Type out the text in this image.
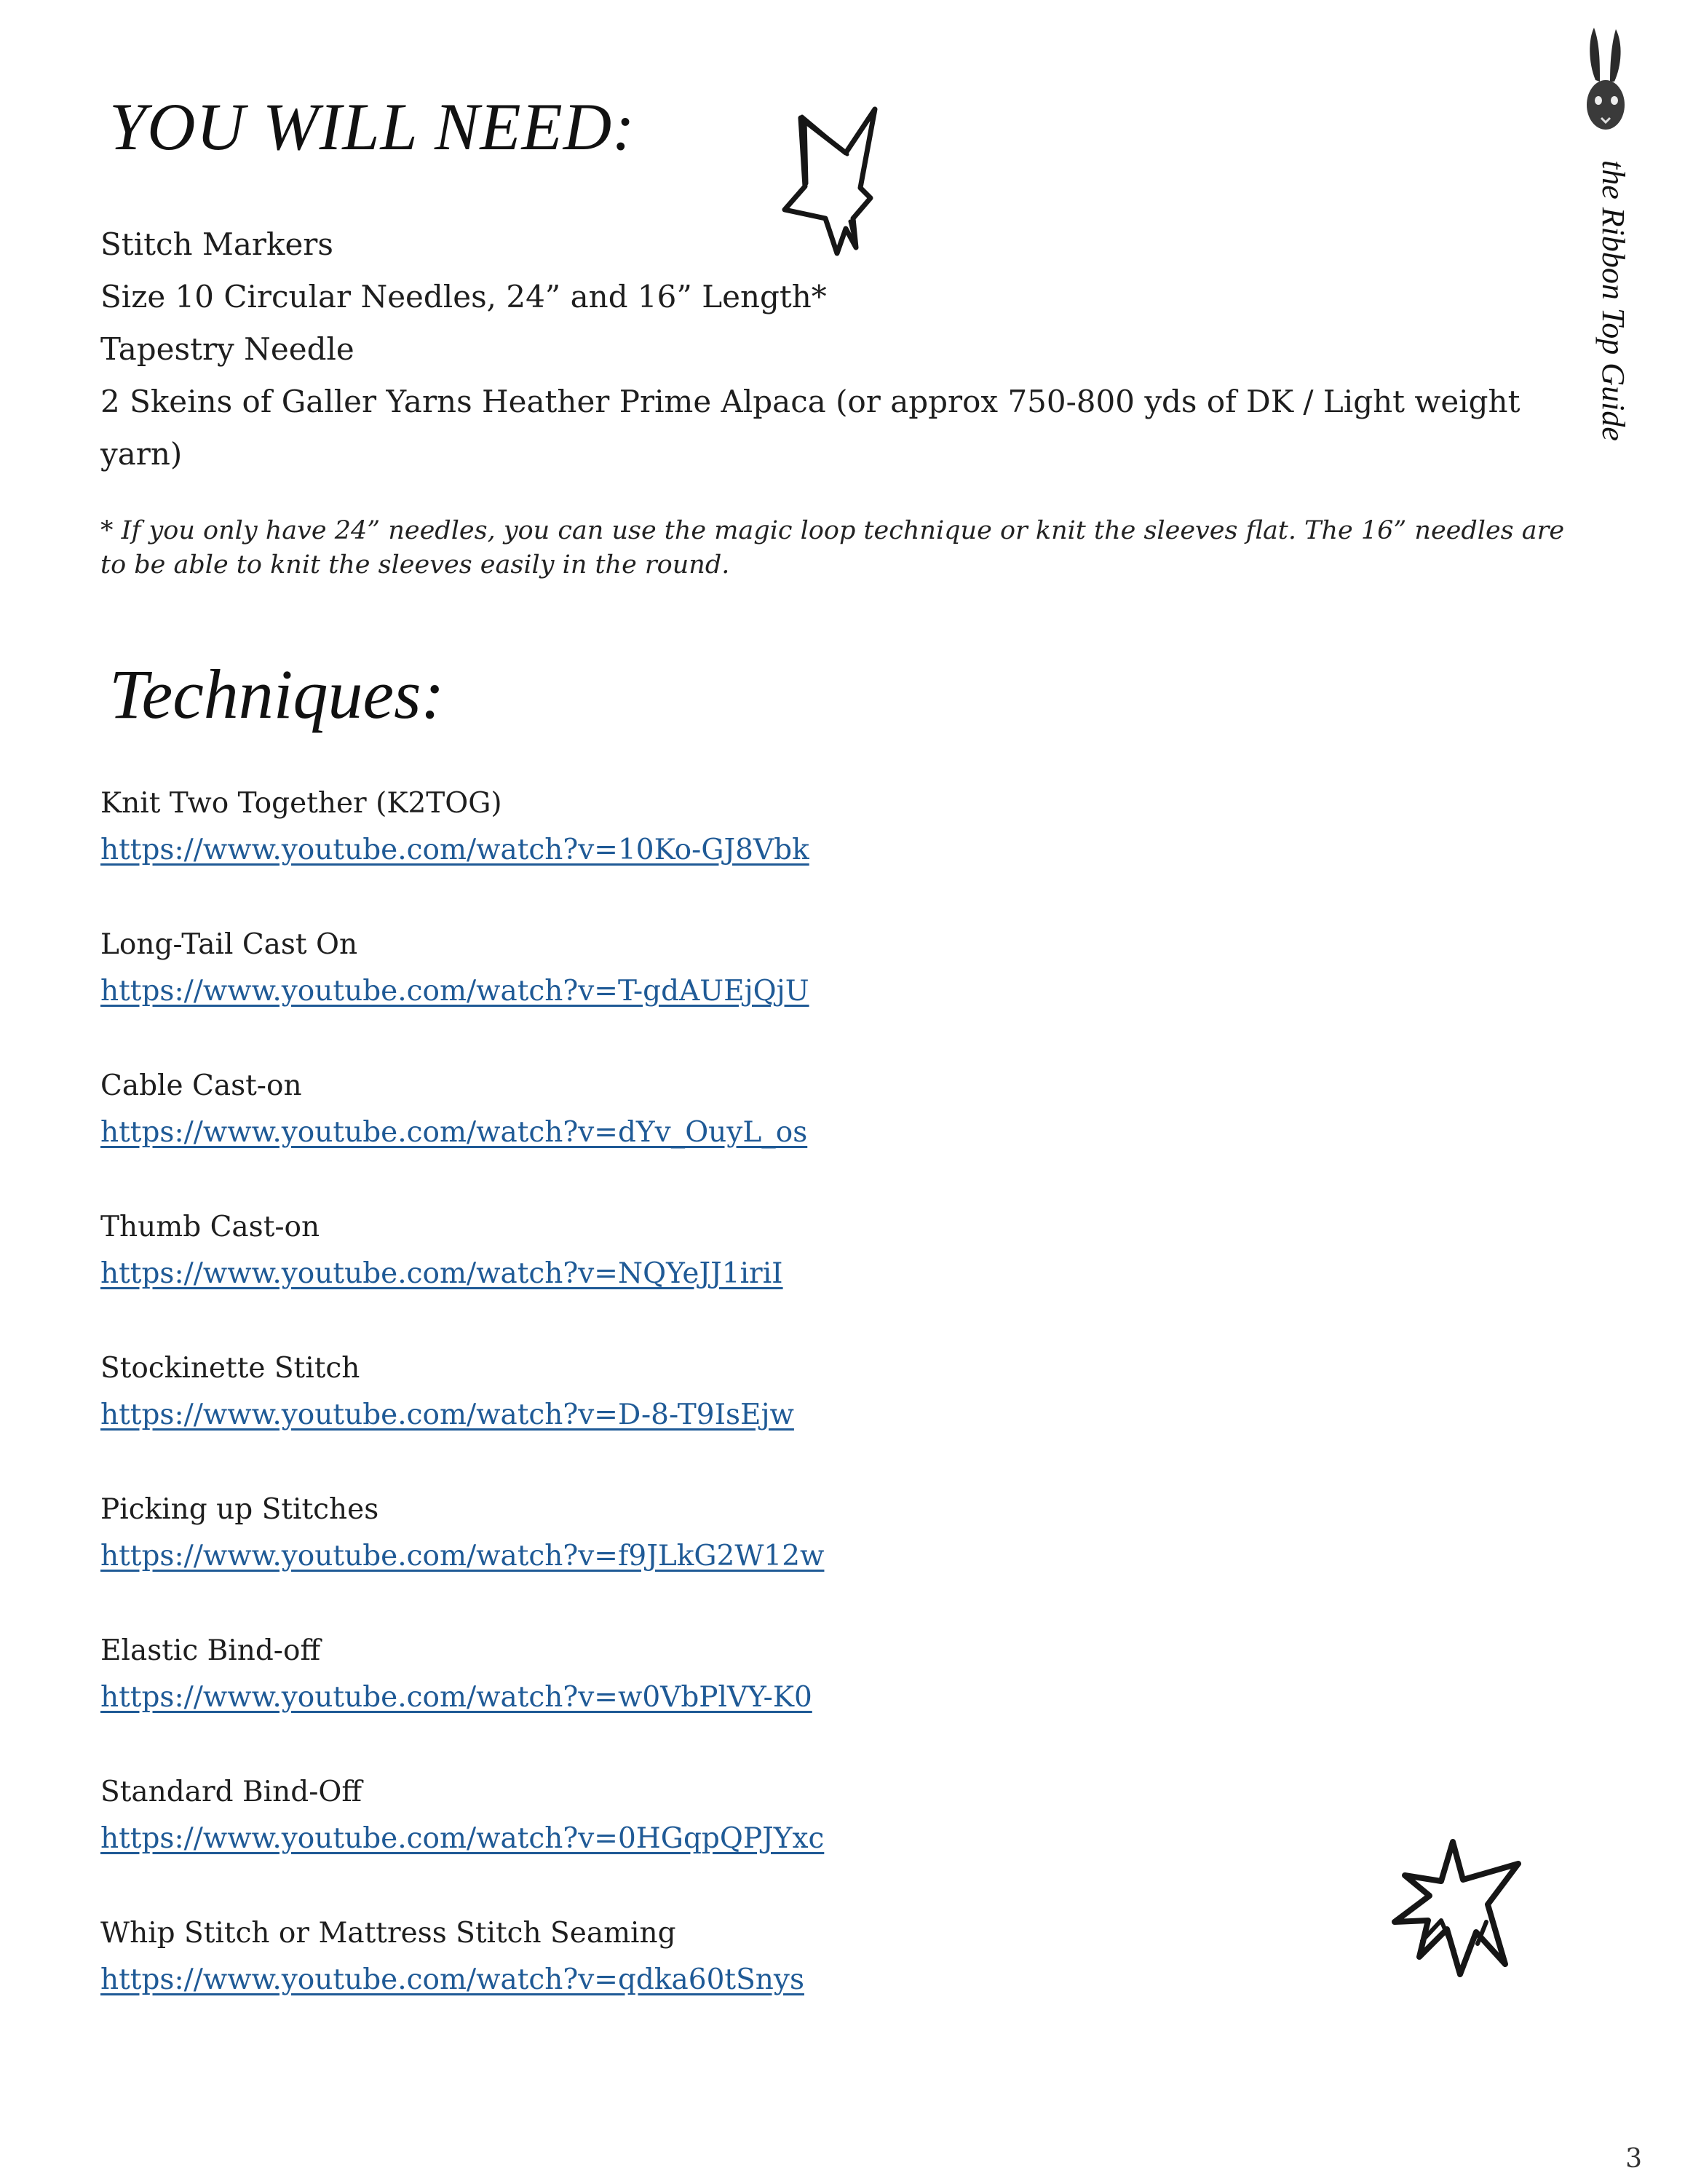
YOU WILL NEED:
Stitch Markers
Size 10 Circular Needles, 24” and 16” Length*
Tapestry Needle
2 Skeins of Galler Yarns Heather Prime Alpaca (or approx 750-800 yds of DK / Light weight
yarn)
* If you only have 24” needles, you can use the magic loop technique or knit the sleeves flat. The 16” needles are to be able to knit the sleeves easily in the round.
Techniques:
Knit Two Together (K2TOG)
https://www.youtube.com/watch?v=10Ko-GJ8Vbk
Long-Tail Cast On
https://www.youtube.com/watch?v=T-gdAUEjQjU
Cable Cast-on
https://www.youtube.com/watch?v=dYv_OuyL_os
Thumb Cast-on
https://www.youtube.com/watch?v=NQYeJJ1iriI
Stockinette Stitch
https://www.youtube.com/watch?v=D-8-T9IsEjw
Picking up Stitches
https://www.youtube.com/watch?v=f9JLkG2W12w
Elastic Bind-off
https://www.youtube.com/watch?v=w0VbPlVY-K0
Standard Bind-Off
https://www.youtube.com/watch?v=0HGqpQPJYxc
Whip Stitch or Mattress Stitch Seaming
https://www.youtube.com/watch?v=qdka60tSnys
the Ribbon Top Guide
3
